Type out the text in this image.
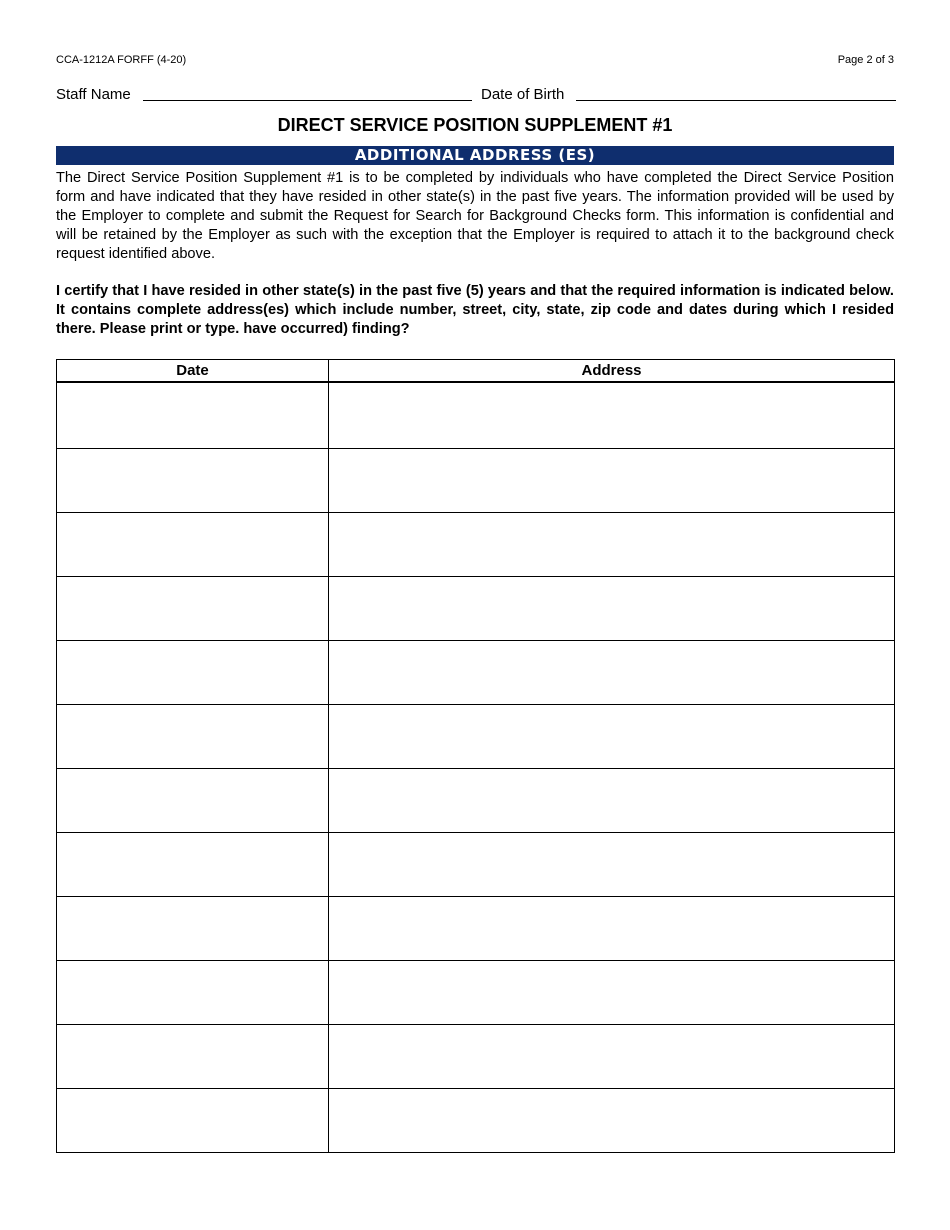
CCA-1212A FORFF (4-20)	Page 2 of 3
Staff Name	Date of Birth
DIRECT SERVICE POSITION SUPPLEMENT #1
ADDITIONAL ADDRESS (ES)

The Direct Service Position Supplement #1 is to be completed by individuals who have completed the Direct Service Position form and have indicated that they have resided in other state(s) in the past five years. The information provided will be used by the Employer to complete and submit the Request for Search for Background Checks form. This information is confidential and will be retained by the Employer as such with the exception that the Employer is required to attach it to the background check request identified above.

I certify that I have resided in other state(s) in the past five (5) years and that the required information is indicated below. It contains complete address(es) which include number, street, city, state, zip code and dates during which I resided there. Please print or type. have occurred) finding?

Date	Address
